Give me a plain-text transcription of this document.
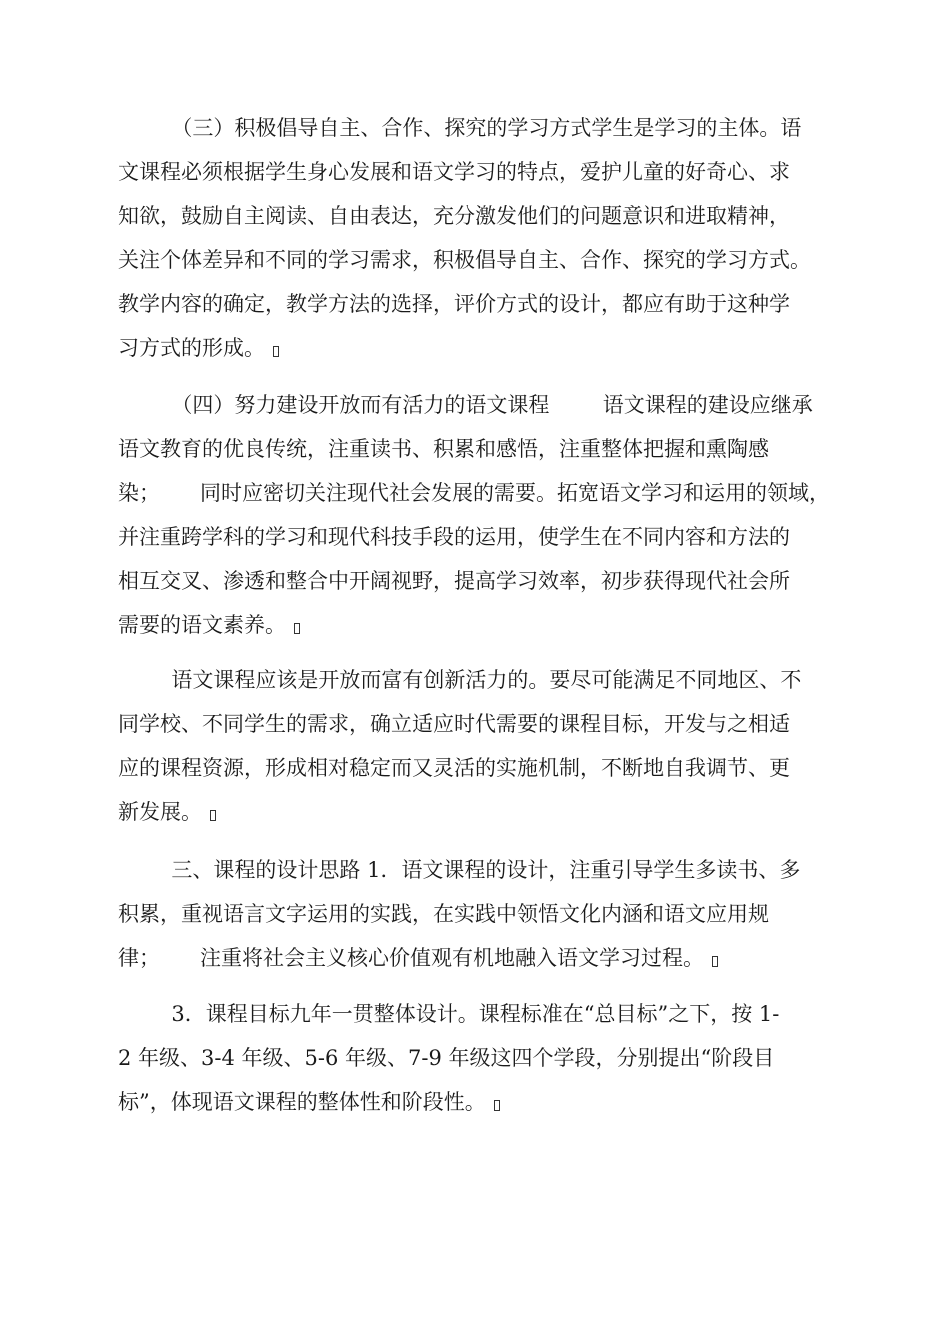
（三）积极倡导自主、合作、探究的学习方式学生是学习的主体。语
文课程必须根据学生身心发展和语文学习的特点，爱护儿童的好奇心、求
知欲，鼓励自主阅读、自由表达，充分激发他们的问题意识和进取精神，
关注个体差异和不同的学习需求，积极倡导自主、合作、探究的学习方式。
教学内容的确定，教学方法的选择，评价方式的设计，都应有助于这种学
习方式的形成。
（四）努力建设开放而有活力的语文课程        语文课程的建设应继承
语文教育的优良传统，注重读书、积累和感悟，注重整体把握和熏陶感
染；      同时应密切关注现代社会发展的需要。拓宽语文学习和运用的领域，
并注重跨学科的学习和现代科技手段的运用，使学生在不同内容和方法的
相互交叉、渗透和整合中开阔视野，提高学习效率，初步获得现代社会所
需要的语文素养。
语文课程应该是开放而富有创新活力的。要尽可能满足不同地区、不
同学校、不同学生的需求，确立适应时代需要的课程目标，开发与之相适
应的课程资源，形成相对稳定而又灵活的实施机制，不断地自我调节、更
新发展。
三、课程的设计思路 1．语文课程的设计，注重引导学生多读书、多
积累，重视语言文字运用的实践，在实践中领悟文化内涵和语文应用规
律；      注重将社会主义核心价值观有机地融入语文学习过程。
3．课程目标九年一贯整体设计。课程标准在“总目标”之下，按 1-
2 年级、3-4 年级、5-6 年级、7-9 年级这四个学段，分别提出“阶段目
标”，体现语文课程的整体性和阶段性。
